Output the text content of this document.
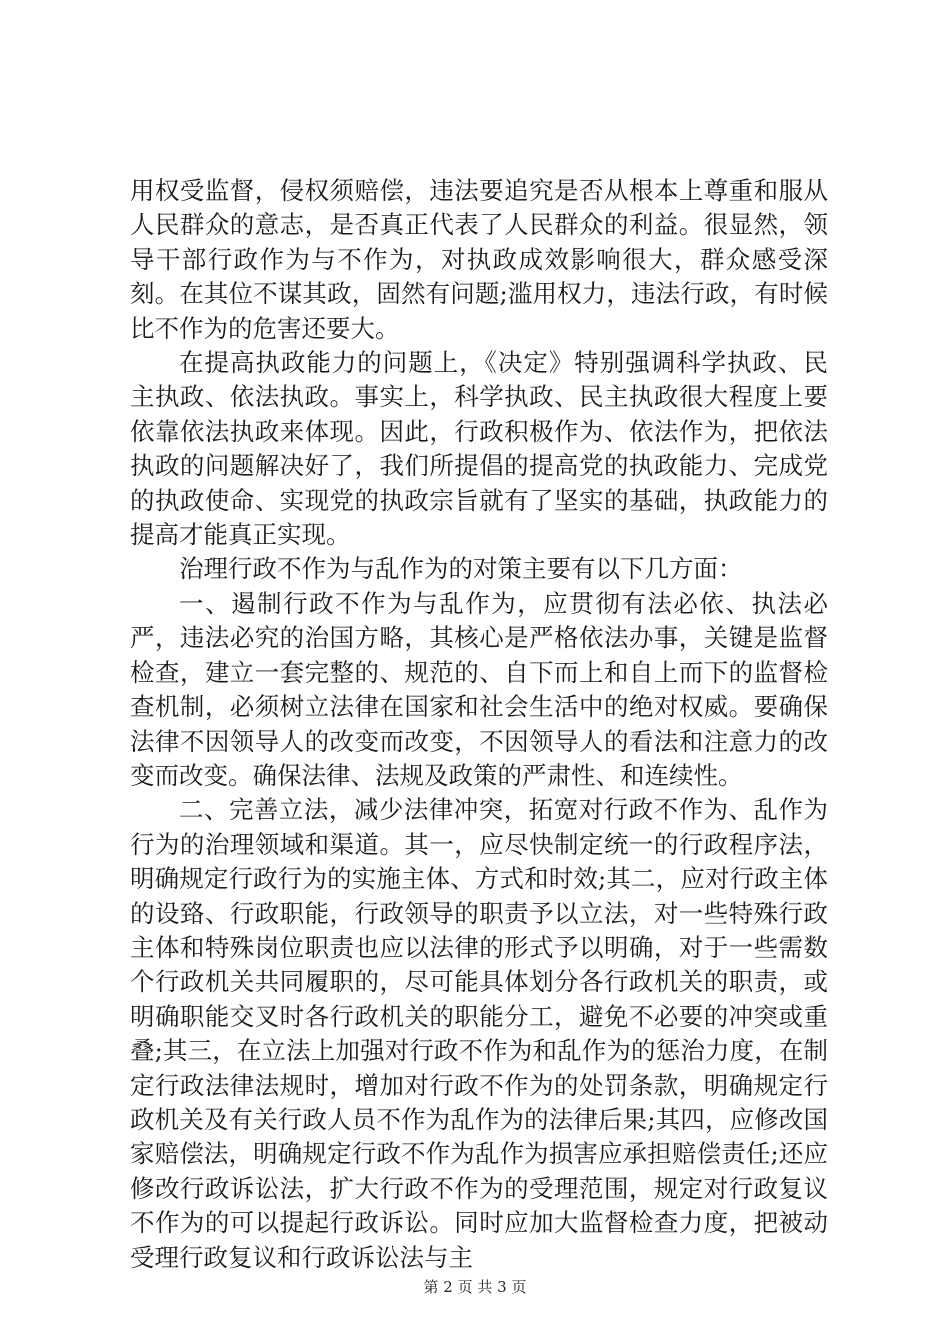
用权受监督，侵权须赔偿，违法要追究是否从根本上尊重和服从人民群众的意志，是否真正代表了人民群众的利益。很显然，领导干部行政作为与不作为，对执政成效影响很大，群众感受深刻。在其位不谋其政，固然有问题;滥用权力，违法行政，有时候比不作为的危害还要大。

在提高执政能力的问题上，《决定》特别强调科学执政、民主执政、依法执政。事实上，科学执政、民主执政很大程度上要依靠依法执政来体现。因此，行政积极作为、依法作为，把依法执政的问题解决好了，我们所提倡的提高党的执政能力、完成党的执政使命、实现党的执政宗旨就有了坚实的基础，执政能力的提高才能真正实现。

治理行政不作为与乱作为的对策主要有以下几方面：

一、遏制行政不作为与乱作为，应贯彻有法必依、执法必严，违法必究的治国方略，其核心是严格依法办事，关键是监督检查，建立一套完整的、规范的、自下而上和自上而下的监督检查机制，必须树立法律在国家和社会生活中的绝对权威。要确保法律不因领导人的改变而改变，不因领导人的看法和注意力的改变而改变。确保法律、法规及政策的严肃性、和连续性。

二、完善立法，减少法律冲突，拓宽对行政不作为、乱作为行为的治理领域和渠道。其一，应尽快制定统一的行政程序法，明确规定行政行为的实施主体、方式和时效;其二，应对行政主体的设臵、行政职能，行政领导的职责予以立法，对一些特殊行政主体和特殊岗位职责也应以法律的形式予以明确，对于一些需数个行政机关共同履职的，尽可能具体划分各行政机关的职责，或明确职能交叉时各行政机关的职能分工，避免不必要的冲突或重叠;其三，在立法上加强对行政不作为和乱作为的惩治力度，在制定行政法律法规时，增加对行政不作为的处罚条款，明确规定行政机关及有关行政人员不作为乱作为的法律后果;其四，应修改国家赔偿法，明确规定行政不作为乱作为损害应承担赔偿责任;还应修改行政诉讼法，扩大行政不作为的受理范围，规定对行政复议不作为的可以提起行政诉讼。同时应加大监督检查力度，把被动受理行政复议和行政诉讼法与主

第 2 页 共 3 页
